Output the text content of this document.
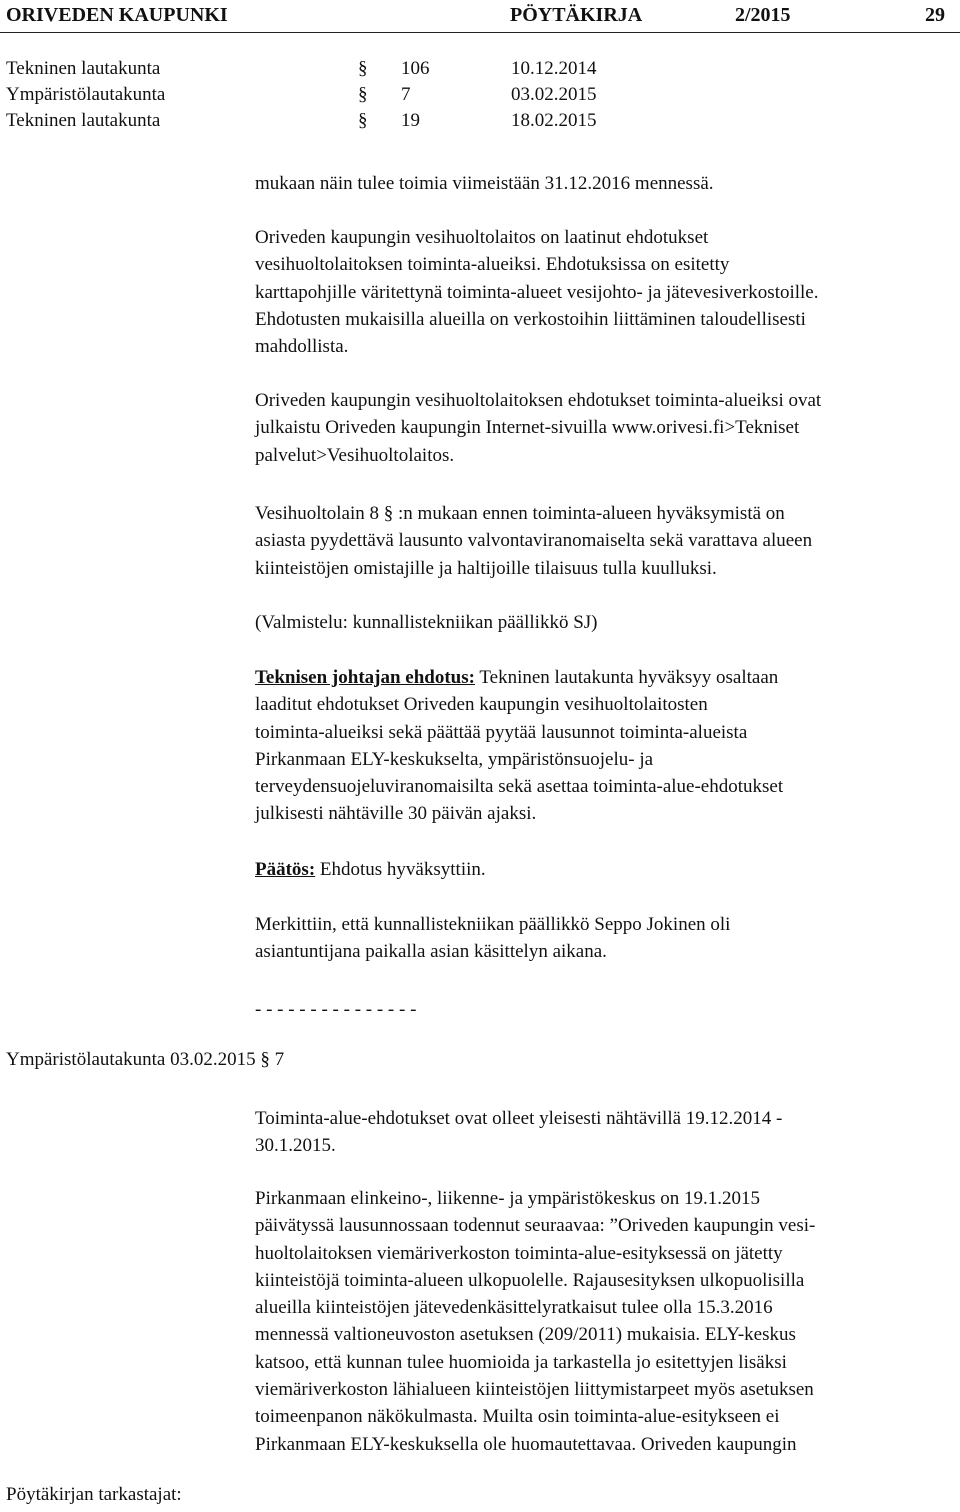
ORIVEDEN KAUPUNKI	PÖYTÄKIRJA	2/2015	29
Tekninen lautakunta	§ 106	10.12.2014
Ympäristölautakunta	§ 7	03.02.2015
Tekninen lautakunta	§ 19	18.02.2015

mukaan näin tulee toimia viimeistään 31.12.2016 mennessä.

Oriveden kaupungin vesihuoltolaitos on laatinut ehdotukset

vesihuoltolaitoksen toiminta-alueiksi. Ehdotuksissa on esitetty

karttapohjille väritettynä toiminta-alueet vesijohto- ja jätevesiverkostoille.

Ehdotusten mukaisilla alueilla on verkostoihin liittäminen taloudellisesti

mahdollista.

Oriveden kaupungin vesihuoltolaitoksen ehdotukset toiminta-alueiksi ovat

julkaistu Oriveden kaupungin Internet-sivuilla www.orivesi.fi>Tekniset

palvelut>Vesihuoltolaitos.

Vesihuoltolain 8 § :n mukaan ennen toiminta-alueen hyväksymistä on

asiasta pyydettävä lausunto valvontaviranomaiselta sekä varattava alueen

kiinteistöjen omistajille ja haltijoille tilaisuus tulla kuulluksi.

(Valmistelu: kunnallistekniikan päällikkö SJ)

Teknisen johtajan ehdotus: Tekninen lautakunta hyväksyy osaltaan

laaditut ehdotukset Oriveden kaupungin vesihuoltolaitosten

toiminta-alueiksi sekä päättää pyytää lausunnot toiminta-alueista

Pirkanmaan ELY-keskukselta, ympäristönsuojelu- ja

terveydensuojeluviranomaisilta sekä asettaa toiminta-alue-ehdotukset

julkisesti nähtäville 30 päivän ajaksi.

Päätös: Ehdotus hyväksyttiin.

Merkittiin, että kunnallistekniikan päällikkö Seppo Jokinen oli

asiantuntijana paikalla asian käsittelyn aikana.

- - - - - - - - - - - - - - -

Ympäristölautakunta 03.02.2015 § 7

Toiminta-alue-ehdotukset ovat olleet yleisesti nähtävillä 19.12.2014 -

30.1.2015.

Pirkanmaan elinkeino-, liikenne- ja ympäristökeskus on 19.1.2015

päivätyssä lausunnossaan todennut seuraavaa: ”Oriveden kaupungin vesi-

huoltolaitoksen viemäriverkoston toiminta-alue-esityksessä on jätetty

kiinteistöjä toiminta-alueen ulkopuolelle. Rajausesityksen ulkopuolisilla

alueilla kiinteistöjen jätevedenkäsittelyratkaisut tulee olla 15.3.2016

mennessä valtioneuvoston asetuksen (209/2011) mukaisia. ELY-keskus

katsoo, että kunnan tulee huomioida ja tarkastella jo esitettyjen lisäksi

viemäriverkoston lähialueen kiinteistöjen liittymistarpeet myös asetuksen

toimeenpanon näkökulmasta. Muilta osin toiminta-alue-esitykseen ei

Pirkanmaan ELY-keskuksella ole huomautettavaa. Oriveden kaupungin

Pöytäkirjan tarkastajat:
